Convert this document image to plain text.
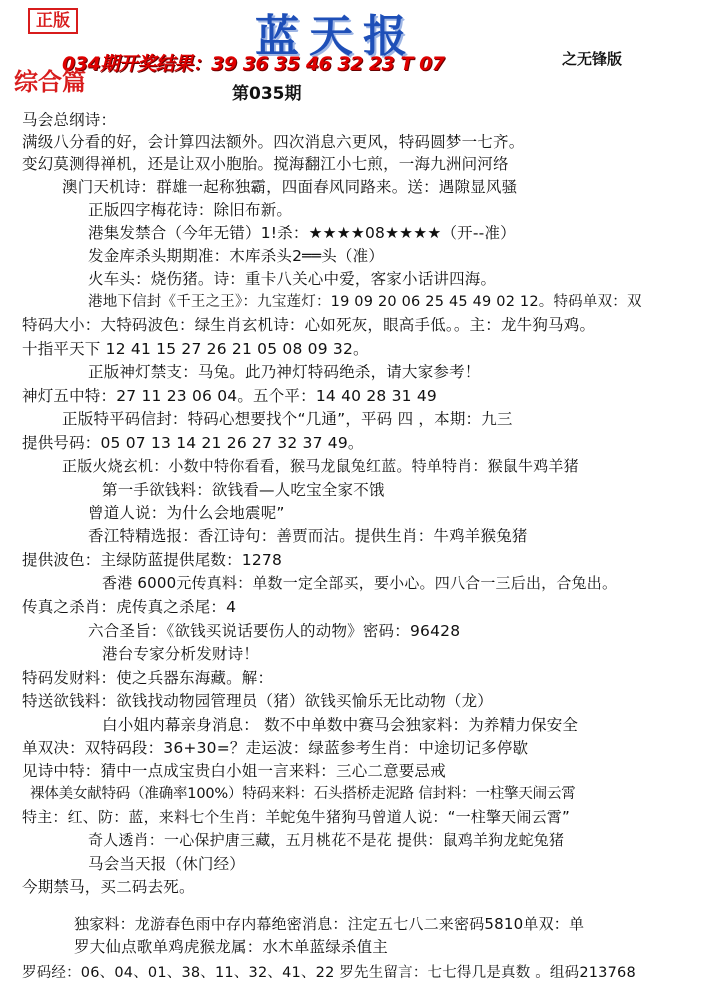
正版	蓝天报
034期开奖结果：39 36 35 46 32 23 T 07	之无锋版
综合篇	第035期
马会总纲诗：
满级八分看的好，会计算四法额外。四次消息六更风，特码圆梦一七齐。
变幻莫测得禅机，还是让双小胞胎。搅海翻江小七煎，一海九洲问河络
澳门天机诗：群雄一起称独霸，四面春风同路来。送：遇隙显风骚
正版四字梅花诗：除旧布新。
港集发禁合（今年无错）1!杀：★★★★08★★★★（开--准）
发金库杀头期期准：木库杀头2══头（准）
火车头：烧伤猪。诗：重卡八关心中爱，客家小话讲四海。
港地下信封《千王之王》：九宝莲灯：19 09 20 06 25 45 49 02 12。特码单双：双
特码大小：大特码波色：绿生肖玄机诗：心如死灰，眼高手低。。主：龙牛狗马鸡。
十指平天下 12 41 15 27 26 21 05 08 09 32。
正版神灯禁支：马兔。此乃神灯特码绝杀，请大家参考！
神灯五中特：27 11 23 06 04。五个平：14 40 28 31 49
正版特平码信封：特码心想要找个“几通”，平码 四 ，本期：九三
提供号码：05 07 13 14 21 26 27 32 37 49。
正版火烧玄机：小数中特你看看，猴马龙鼠兔红蓝。特单特肖：猴鼠牛鸡羊猪
第一手欲钱料：欲钱看—人吃宝全家不饿
曾道人说：为什么会地震呢”
香江特精选报：香江诗句：善贾而沽。提供生肖：牛鸡羊猴兔猪
提供波色：主绿防蓝提供尾数：1278
香港 6000元传真料：单数一定全部买，要小心。四八合一三后出，合兔出。
传真之杀肖：虎传真之杀尾：4
六合圣旨：《欲钱买说话要伤人的动物》密码：96428
港台专家分析发财诗！
特码发财料：使之兵器东海藏。解：
特送欲钱料：欲钱找动物园管理员（猪）欲钱买愉乐无比动物（龙）
白小姐内幕亲身消息： 数不中单数中赛马会独家料：为养精力保安全
单双决：双特码段：36+30=？走运波：绿蓝参考生肖：中途切记多停歇
见诗中特：猜中一点成宝贵白小姐一言来料：三心二意要忌戒
裸体美女献特码（准确率100%）特码来料：石头搭桥走泥路 信封料：一柱擎天闹云霄
特主：红、防：蓝，来料七个生肖：羊蛇兔牛猪狗马曾道人说：“一柱擎天闹云霄”
奇人透肖：一心保护唐三藏，五月桃花不是花 提供：鼠鸡羊狗龙蛇兔猪
马会当天报（休门经）
今期禁马，买二码去死。
独家料：龙游春色雨中存内幕绝密消息：注定五七八二来密码5810单双：单
罗大仙点歌单鸡虎猴龙属：水木单蓝绿杀值主
罗码经：06、04、01、38、11、32、41、22 罗先生留言：七七得几是真数 。组码213768
